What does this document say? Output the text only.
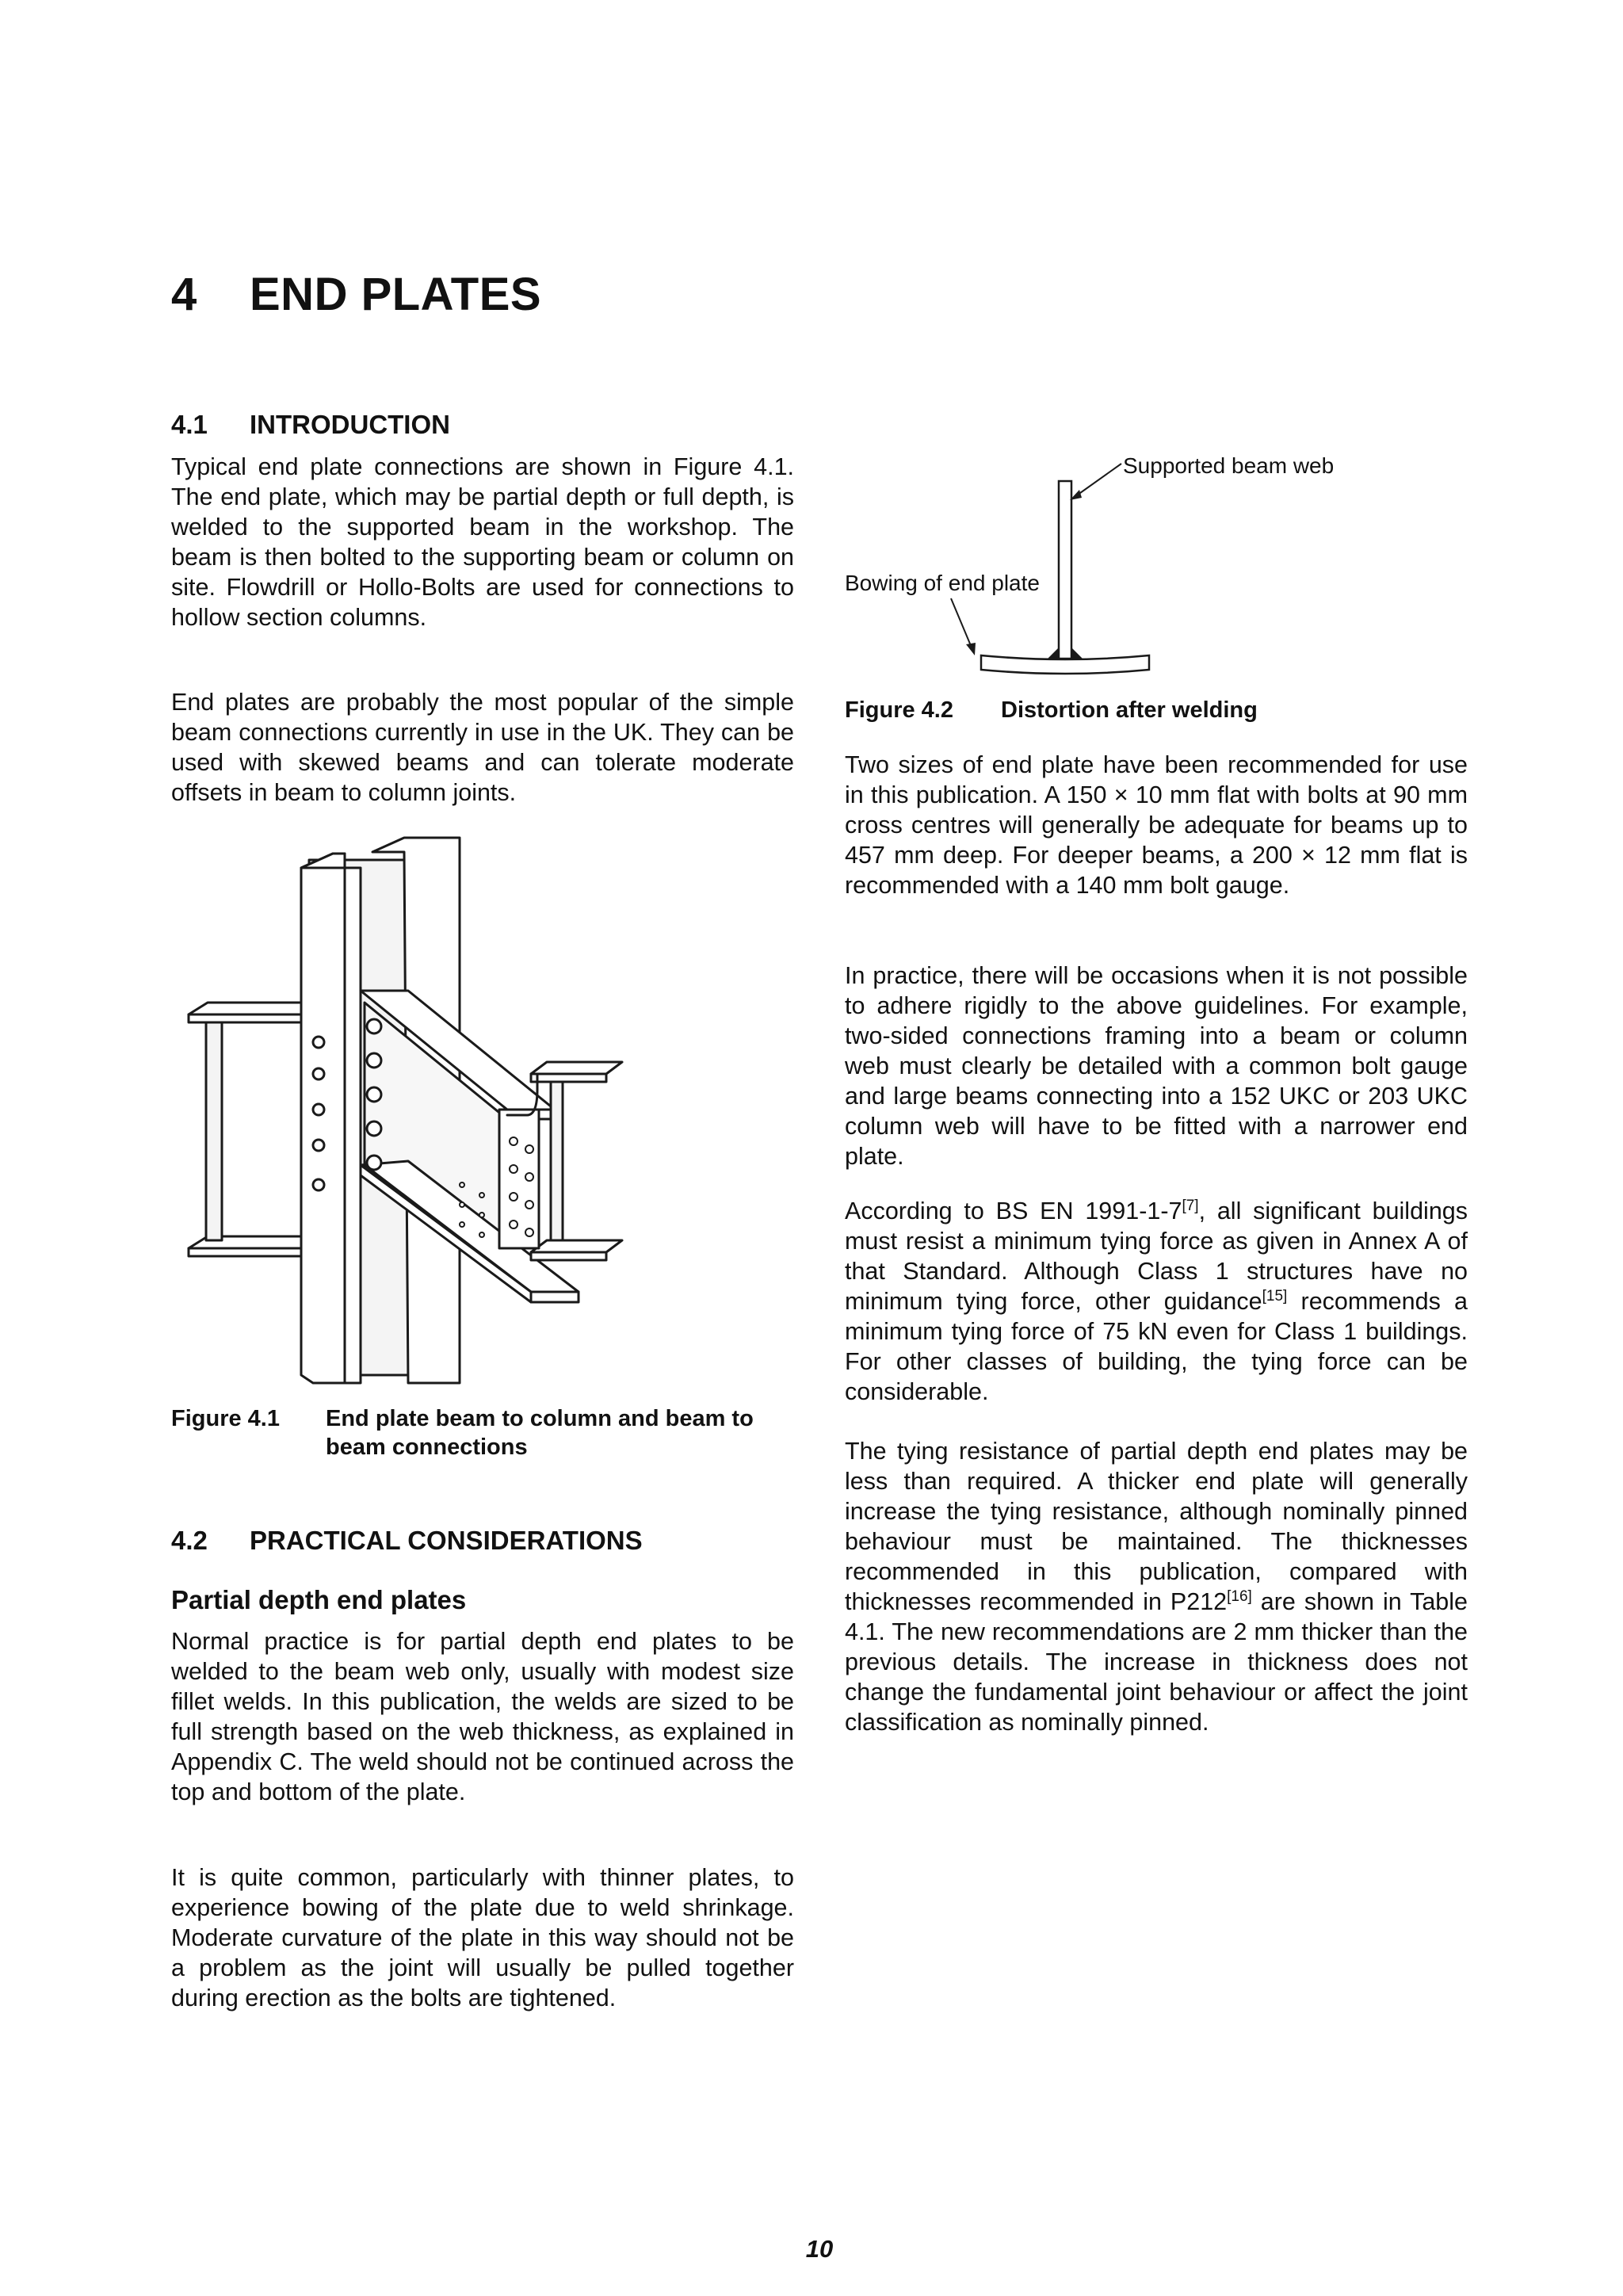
4 END PLATES
4.1 INTRODUCTION

Typical end plate connections are shown in Figure 4.1. The end plate, which may be partial depth or full depth, is welded to the supported beam in the workshop. The beam is then bolted to the supporting beam or column on site. Flowdrill or Hollo-Bolts are used for connections to hollow section columns.

End plates are probably the most popular of the simple beam connections currently in use in the UK. They can be used with skewed beams and can tolerate moderate offsets in beam to column joints.

Figure 4.1	End plate beam to column and beam to beam connections
4.2 PRACTICAL CONSIDERATIONS
Partial depth end plates

Normal practice is for partial depth end plates to be welded to the beam web only, usually with modest size fillet welds. In this publication, the welds are sized to be full strength based on the web thickness, as explained in Appendix C. The weld should not be continued across the top and bottom of the plate.

It is quite common, particularly with thinner plates, to experience bowing of the plate due to weld shrinkage. Moderate curvature of the plate in this way should not be a problem as the joint will usually be pulled together during erection as the bolts are tightened.

Supported beam web
Bowing of end plate
Figure 4.2	Distortion after welding

Two sizes of end plate have been recommended for use in this publication. A 150 × 10 mm flat with bolts at 90 mm cross centres will generally be adequate for beams up to 457 mm deep. For deeper beams, a 200 × 12 mm flat is recommended with a 140 mm bolt gauge.

In practice, there will be occasions when it is not possible to adhere rigidly to the above guidelines. For example, two-sided connections framing into a beam or column web must clearly be detailed with a common bolt gauge and large beams connecting into a 152 UKC or 203 UKC column web will have to be fitted with a narrower end plate.

According to BS EN 1991-1-7[7], all significant buildings must resist a minimum tying force as given in Annex A of that Standard. Although Class 1 structures have no minimum tying force, other guidance[15] recommends a minimum tying force of 75 kN even for Class 1 buildings. For other classes of building, the tying force can be considerable.

The tying resistance of partial depth end plates may be less than required. A thicker end plate will generally increase the tying resistance, although nominally pinned behaviour must be maintained. The thicknesses recommended in this publication, compared with thicknesses recommended in P212[16] are shown in Table 4.1. The new recommendations are 2 mm thicker than the previous details. The increase in thickness does not change the fundamental joint behaviour or affect the joint classification as nominally pinned.

10
